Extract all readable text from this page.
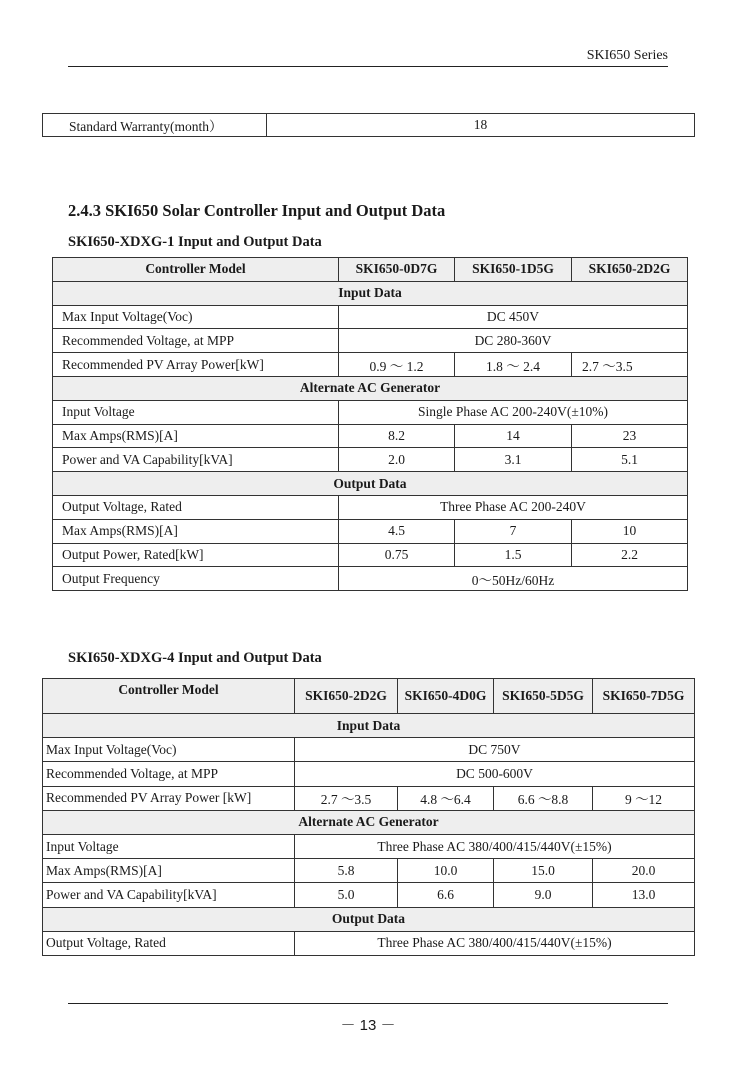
SKI650 Series
Standard Warranty(month）	18
2.4.3 SKI650 Solar Controller Input and Output Data
SKI650-XDXG-1 Input and Output Data
Controller Model	SKI650-0D7G	SKI650-1D5G	SKI650-2D2G
Input Data			
Max Input Voltage(Voc)	DC 450V		
Recommended Voltage, at MPP	DC 280-360V		
Recommended PV Array Power[kW]	0.9 ～ 1.2	1.8 ～ 2.4	2.7 ～3.5
Alternate AC Generator			
Input Voltage	Single Phase AC 200-240V(±10%)		
Max Amps(RMS)[A]	8.2	14	23
Power and VA Capability[kVA]	2.0	3.1	5.1
Output Data			
Output Voltage, Rated	Three Phase AC 200-240V		
Max Amps(RMS)[A]	4.5	7	10
Output Power, Rated[kW]	0.75	1.5	2.2
Output Frequency	0～50Hz/60Hz		
SKI650-XDXG-4 Input and Output Data
Controller Model	SKI650-2D2G	SKI650-4D0G	SKI650-5D5G	SKI650-7D5G
Input Data				
Max Input Voltage(Voc)	DC 750V			
Recommended Voltage, at MPP	DC 500-600V			
Recommended PV Array Power [kW]	2.7 ～3.5	4.8 ～6.4	6.6 ～8.8	9 ～12
Alternate AC Generator				
Input Voltage	Three Phase AC 380/400/415/440V(±15%)			
Max Amps(RMS)[A]	5.8	10.0	15.0	20.0
Power and VA Capability[kVA]	5.0	6.6	9.0	13.0
Output Data				
Output Voltage, Rated	Three Phase AC 380/400/415/440V(±15%)			
－ 13 －
